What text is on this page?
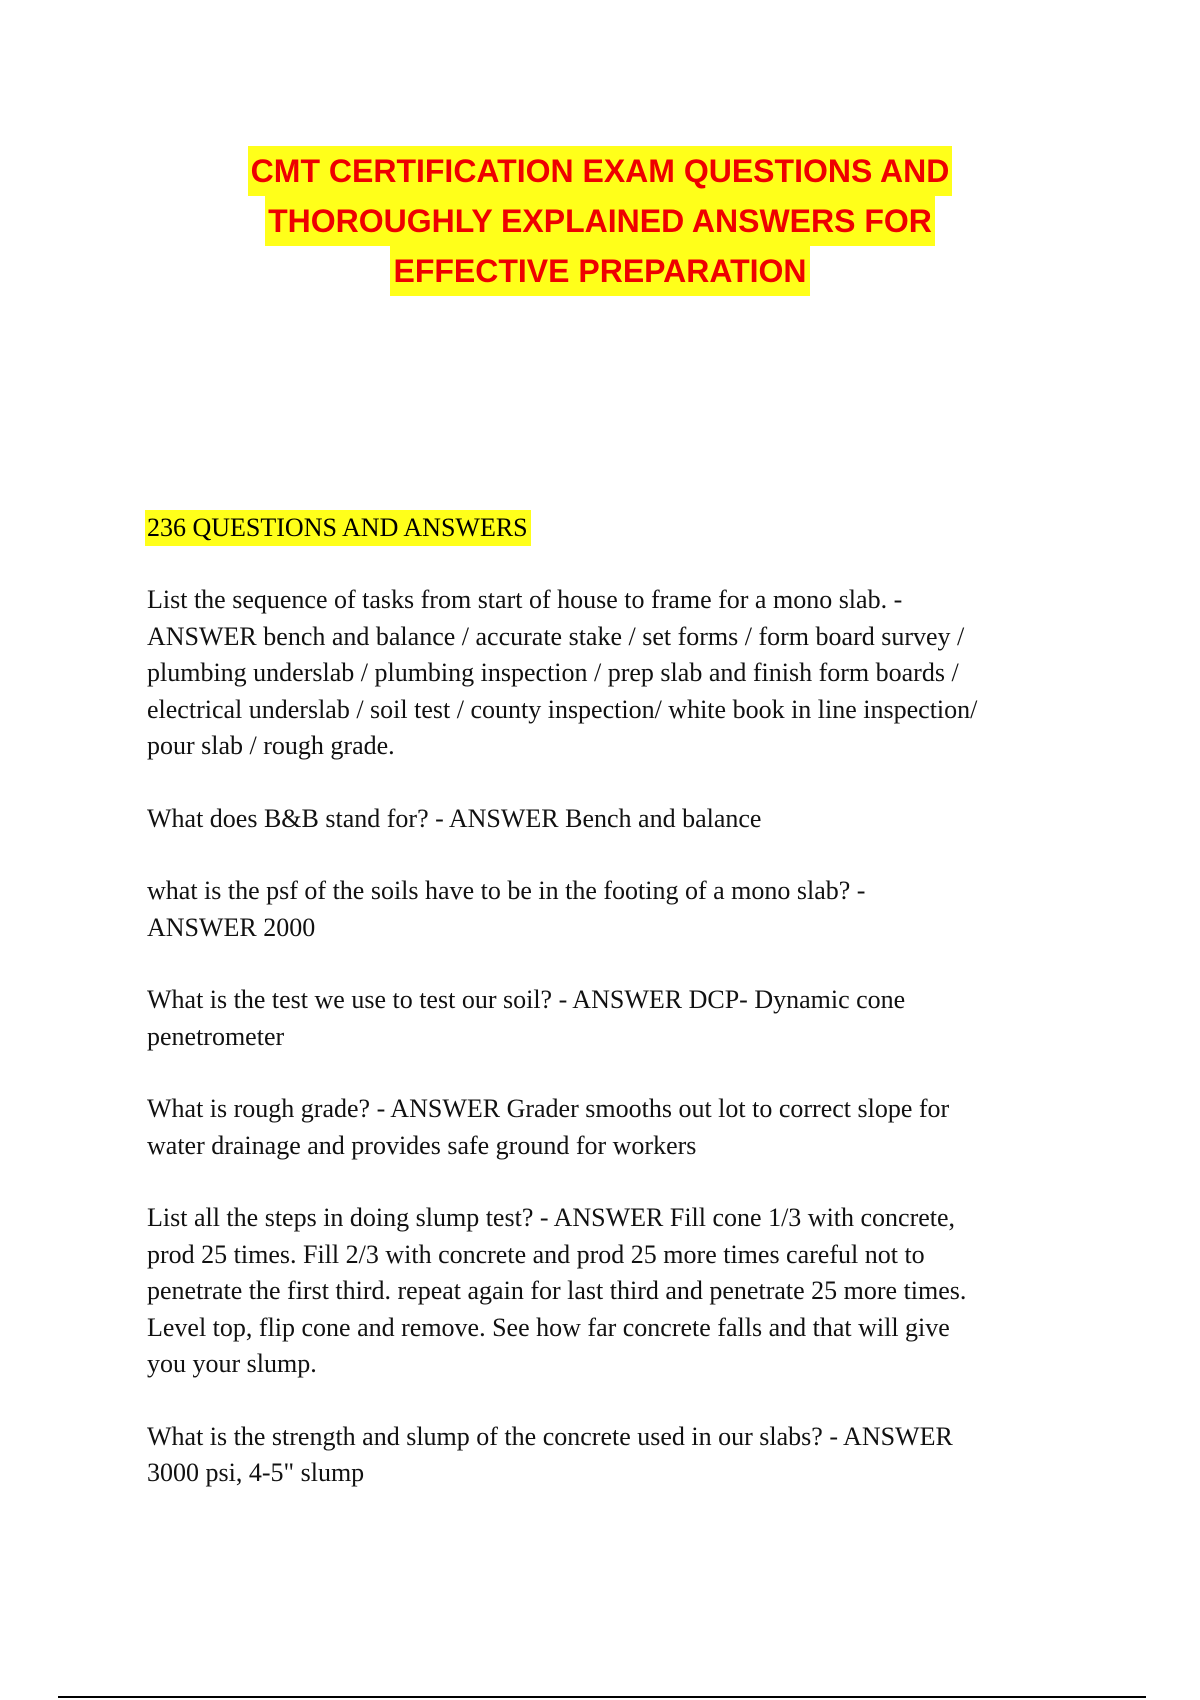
CMT CERTIFICATION EXAM QUESTIONS AND
THOROUGHLY EXPLAINED ANSWERS FOR
EFFECTIVE PREPARATION
236 QUESTIONS AND ANSWERS
List the sequence of tasks from start of house to frame for a mono slab. -
ANSWER bench and balance / accurate stake / set forms / form board survey /
plumbing underslab / plumbing inspection / prep slab and finish form boards /
electrical underslab / soil test / county inspection/ white book in line inspection/
pour slab / rough grade.
What does B&B stand for? - ANSWER Bench and balance
what is the psf of the soils have to be in the footing of a mono slab? -
ANSWER 2000
What is the test we use to test our soil? - ANSWER DCP- Dynamic cone
penetrometer
What is rough grade? - ANSWER Grader smooths out lot to correct slope for
water drainage and provides safe ground for workers
List all the steps in doing slump test? - ANSWER Fill cone 1/3 with concrete,
prod 25 times. Fill 2/3 with concrete and prod 25 more times careful not to
penetrate the first third. repeat again for last third and penetrate 25 more times.
Level top, flip cone and remove. See how far concrete falls and that will give
you your slump.
What is the strength and slump of the concrete used in our slabs? - ANSWER
3000 psi, 4-5" slump
